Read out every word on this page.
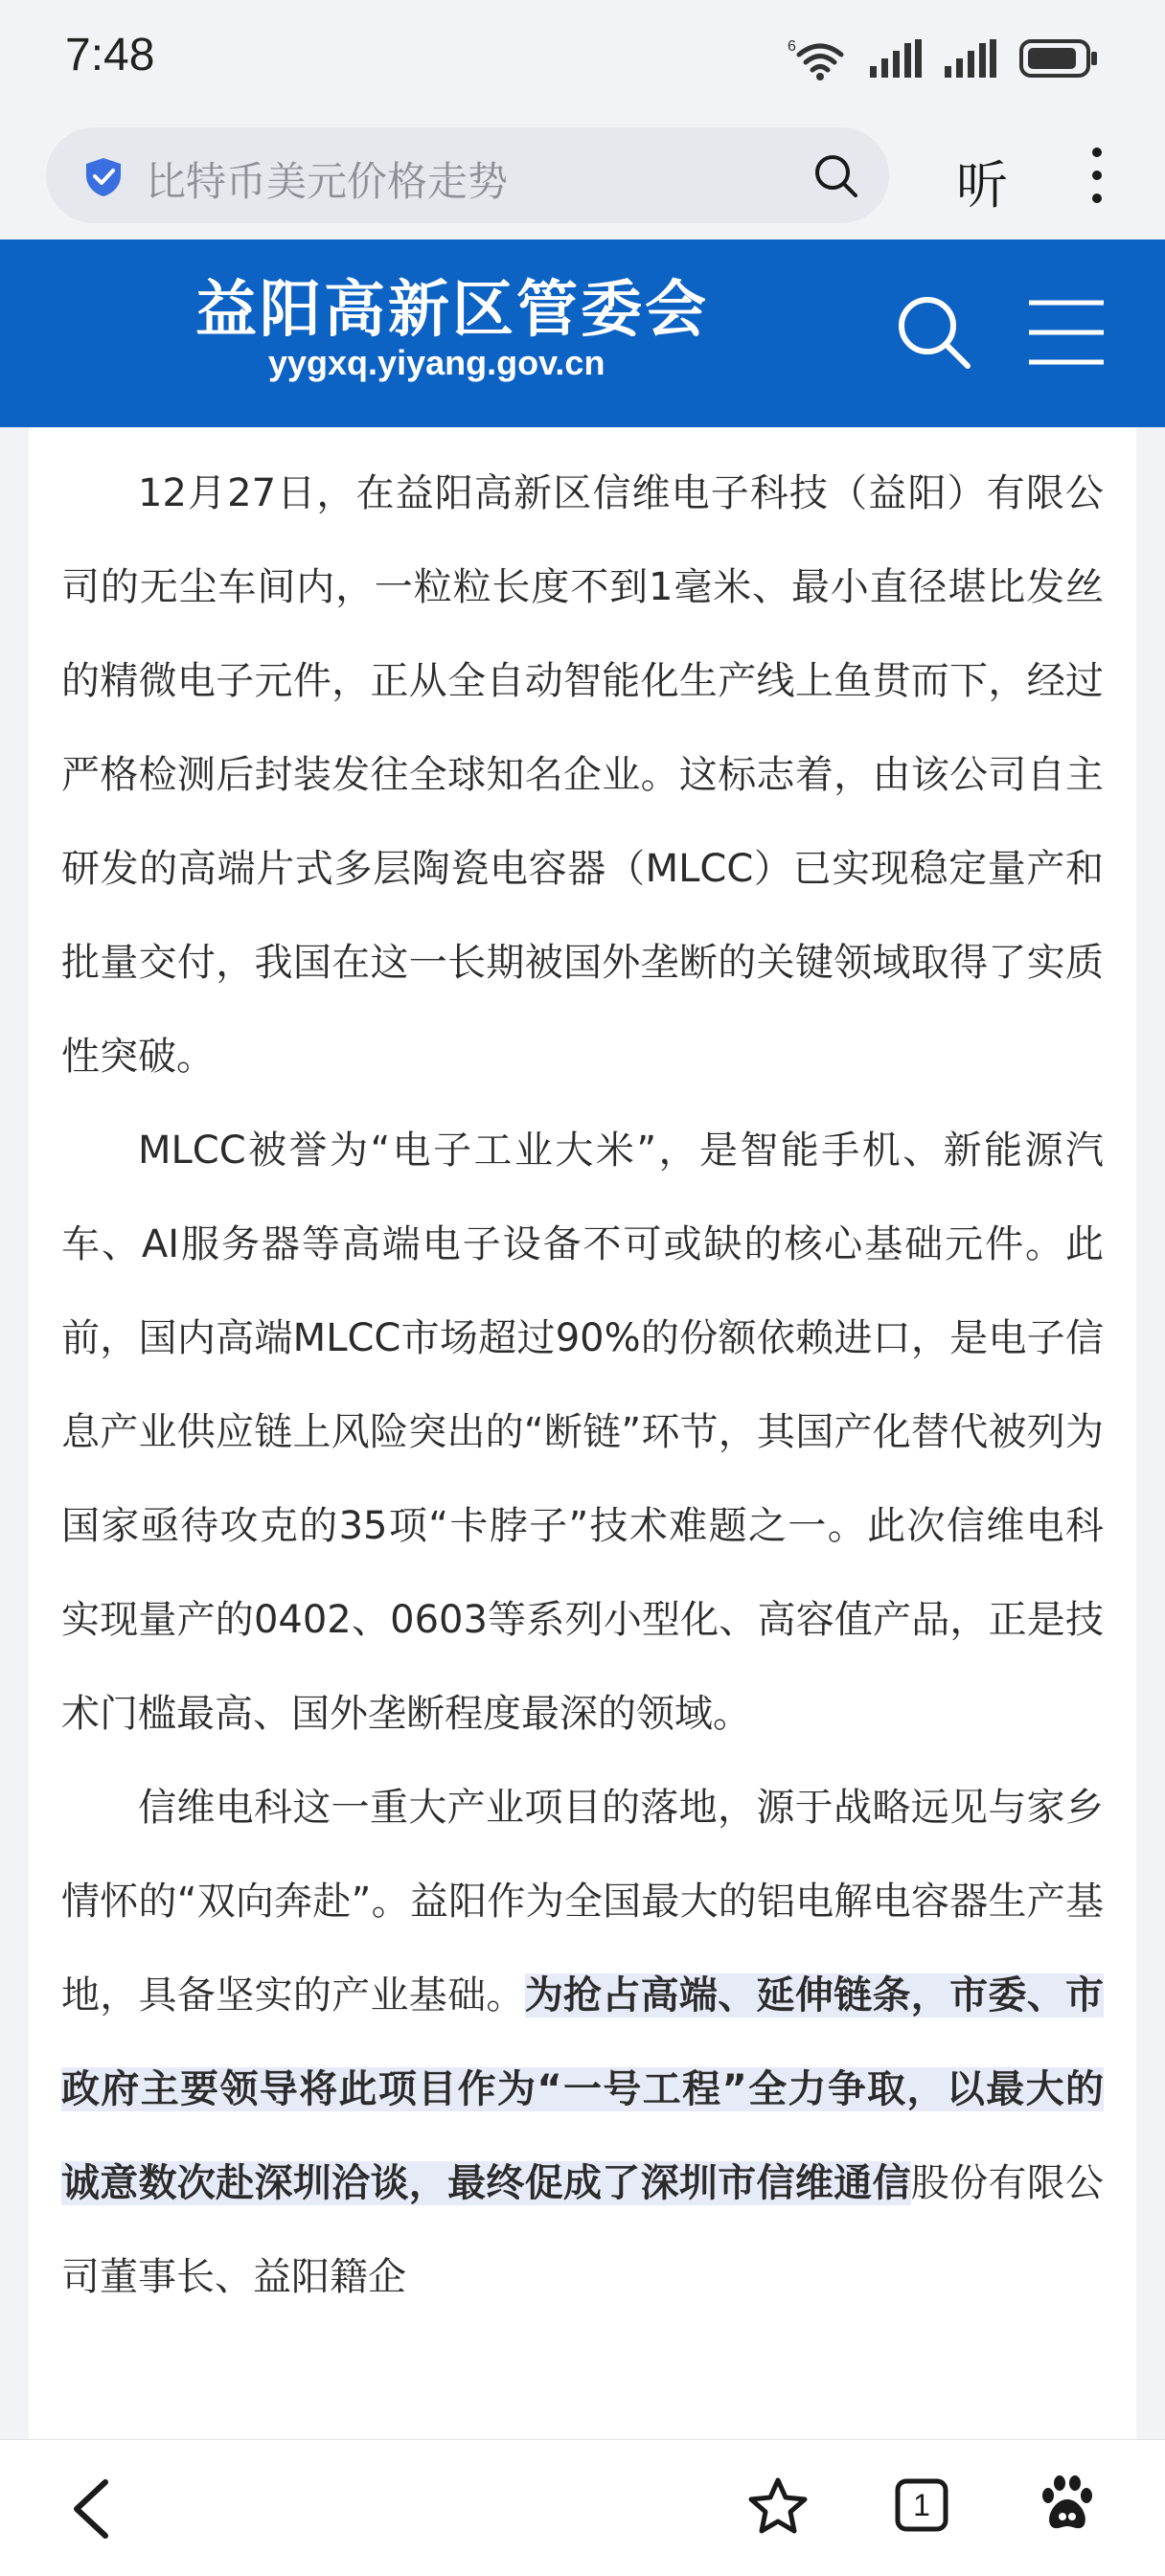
7:48	6
比特币美元价格走势	听
益阳高新区管委会
yygxq.yiyang.gov.cn

12月27日，在益阳高新区信维电子科技（益阳）有限公司的无尘车间内，一粒粒长度不到1毫米、最小直径堪比发丝的精微电子元件，正从全自动智能化生产线上鱼贯而下，经过严格检测后封装发往全球知名企业。这标志着，由该公司自主研发的高端片式多层陶瓷电容器（MLCC）已实现稳定量产和批量交付，我国在这一长期被国外垄断的关键领域取得了实质性突破。

MLCC被誉为“电子工业大米”，是智能手机、新能源汽车、AI服务器等高端电子设备不可或缺的核心基础元件。此前，国内高端MLCC市场超过90%的份额依赖进口，是电子信息产业供应链上风险突出的“断链”环节，其国产化替代被列为国家亟待攻克的35项“卡脖子”技术难题之一。此次信维电科实现量产的0402、0603等系列小型化、高容值产品，正是技术门槛最高、国外垄断程度最深的领域。

信维电科这一重大产业项目的落地，源于战略远见与家乡情怀的“双向奔赴”。益阳作为全国最大的铝电解电容器生产基地，具备坚实的产业基础。为抢占高端、延伸链条，市委、市政府主要领导将此项目作为“一号工程”全力争取，以最大的诚意数次赴深圳洽谈，最终促成了深圳市信维通信股份有限公司董事长、益阳籍企

1
